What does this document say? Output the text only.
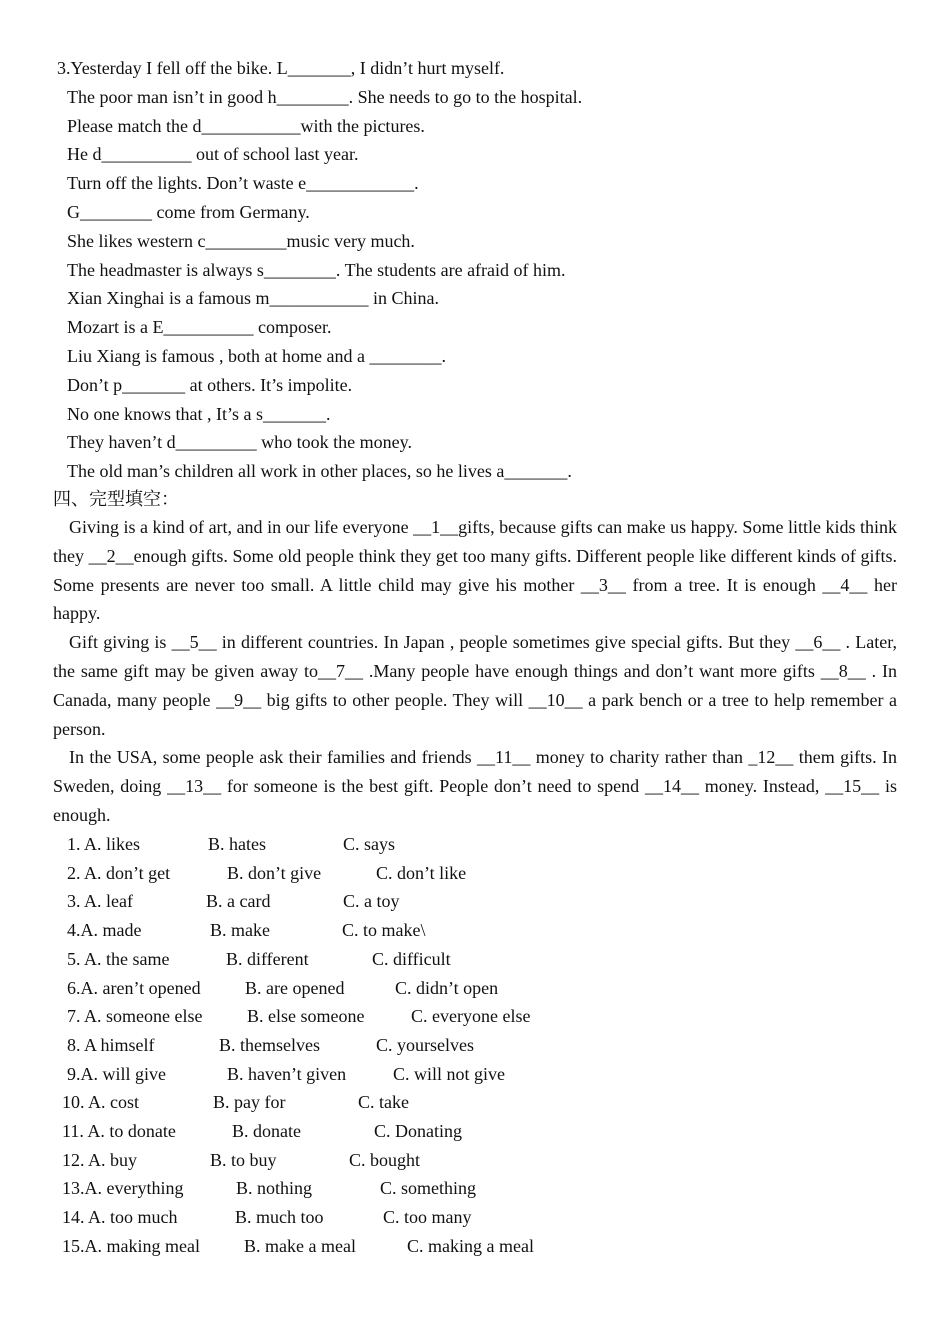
3.Yesterday I fell off the bike. L_______, I didn’t hurt myself.
The poor man isn’t in good h________. She needs to go to the hospital.
Please match the d___________with the pictures.
He d__________ out of school last year.
Turn off the lights. Don’t waste e____________.
G________ come from Germany.
She likes western c_________music very much.
The headmaster is always s________. The students are afraid of him.
Xian Xinghai is a famous m___________ in China.
Mozart is a E__________ composer.
Liu Xiang is famous , both at home and a ________.
Don’t p_______ at others. It’s impolite.
No one knows that , It’s a s_______.
They haven’t d_________ who took the money.
The old man’s children all work in other places, so he lives a_______.
四、完型填空：

Giving is a kind of art, and in our life everyone __1__gifts, because gifts can make us happy. Some little kids think they __2__enough gifts. Some old people think they get too many gifts. Different people like different kinds of gifts. Some presents are never too small. A little child may give his mother __3__ from a tree. It is enough __4__ her happy.

Gift giving is __5__ in different countries. In Japan , people sometimes give special gifts. But they __6__ . Later, the same gift may be given away to__7__ .Many people have enough things and don’t want more gifts __8__ . In Canada, many people __9__ big gifts to other people. They will __10__ a park bench or a tree to help remember a person.

In the USA, some people ask their families and friends __11__ money to charity rather than _12__ them gifts. In Sweden, doing __13__ for someone is the best gift. People don’t need to spend __14__ money. Instead, __15__ is enough.

1. A. likes	B. hates	C. says
2. A. don’t get	B. don’t give	C. don’t like
3. A. leaf	B. a card	C. a toy
4.A. made	B. make	C. to make\
5. A. the same	B. different	C. difficult
6.A. aren’t opened B. are opened	C. didn’t open
7. A. someone else B. else someone	C. everyone else
8. A himself	B. themselves	C. yourselves
9.A. will give	B. haven’t given	C. will not give
10. A. cost	B. pay for	C. take
11. A. to donate	B. donate	C. Donating
12. A. buy	B. to buy	C. bought
13.A. everything	B. nothing	C. something
14. A. too much	B. much too	C. too many
15.A. making meal B. make a meal	C. making a meal
